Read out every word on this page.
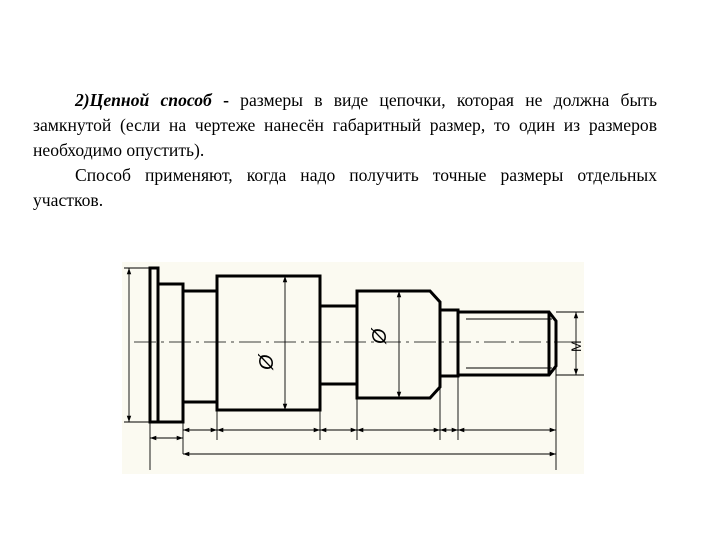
2)Цепной способ - размеры в виде цепочки, которая не должна быть замкнутой (если на чертеже нанесён габаритный размер, то один из размеров необходимо опустить).

Способ применяют, когда надо получить точные размеры отдельных участков.

Ø
Ø
M
